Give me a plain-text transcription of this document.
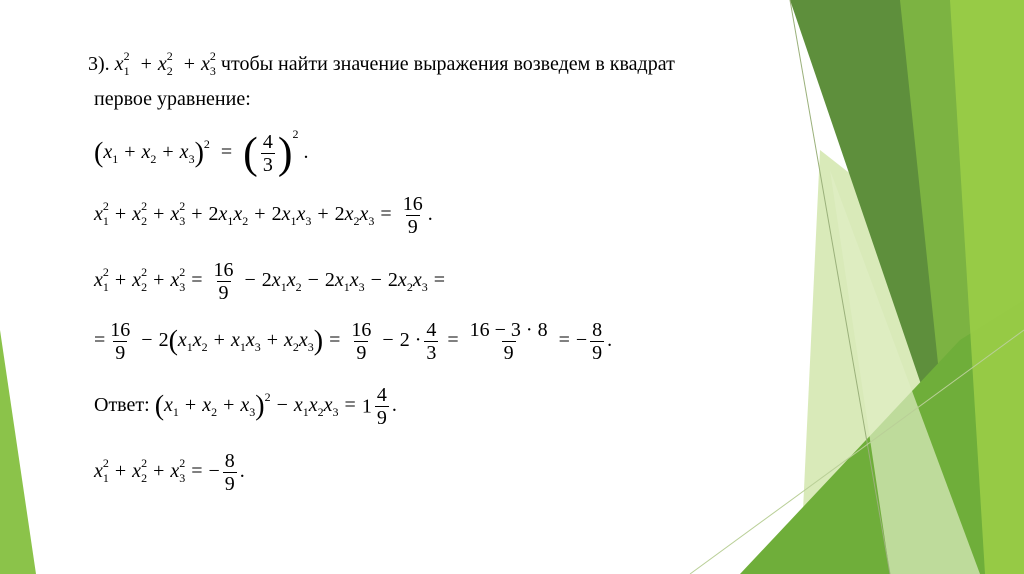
3). $x_1^2 + x_2^2 + x_3^2$ чтобы найти значение выражения возведем в квадрат
первое уравнение:
$(x_1 + x_2 + x_3)^2$ = ( $\frac{4}{3} )^2$ .
$x_1^2 + x_2^2 + x_3^2 + 2x_1x_2 + 2x_1x_3 + 2x_2x_3 = \frac{16}{9}$ .
$x_1^2 + x_2^2 + x_3^2 = \frac{16}{9} - 2x_1x_2 - 2x_1x_3 - 2x_2x_3$ =
= $\frac{16}{9} - 2(x_1x_2 + x_1x_3 + x_2x_3) = \frac{16}{9} - 2 \cdot \frac{4}{3} = \frac{16 - 3 \cdot 8}{9}$ = − $\frac{8}{9}$ .
Ответ: $(x_1 + x_2 + x_3)^2 - x_1x_2x_3 = 1 \frac{4}{9}$ .
$x_1^2 + x_2^2 + x_3^2$ = − $\frac{8}{9}$ .
